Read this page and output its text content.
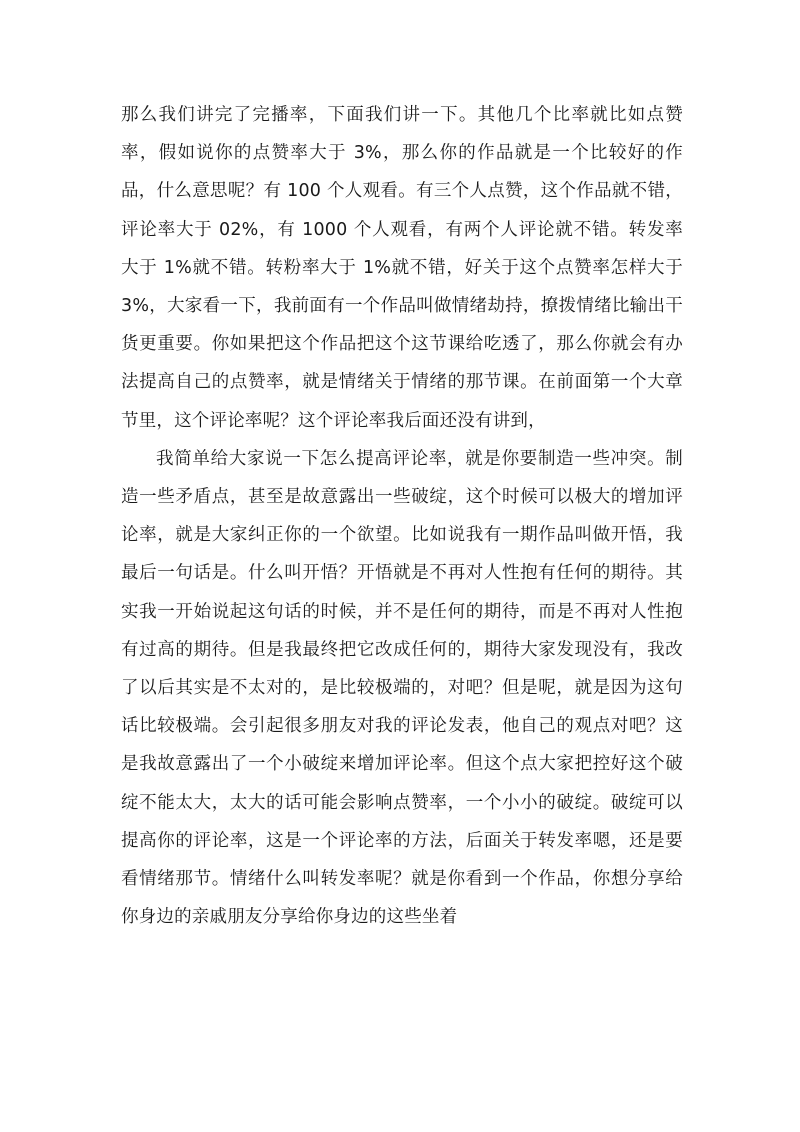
那么我们讲完了完播率，下面我们讲一下。其他几个比率就比如点赞率，假如说你的点赞率大于 3%，那么你的作品就是一个比较好的作品，什么意思呢？有 100 个人观看。有三个人点赞，这个作品就不错，评论率大于 02%，有 1000 个人观看，有两个人评论就不错。转发率大于 1%就不错。转粉率大于 1%就不错，好关于这个点赞率怎样大于 3%，大家看一下，我前面有一个作品叫做情绪劫持，撩拨情绪比输出干货更重要。你如果把这个作品把这个这节课给吃透了，那么你就会有办法提高自己的点赞率，就是情绪关于情绪的那节课。在前面第一个大章节里，这个评论率呢？这个评论率我后面还没有讲到，

我简单给大家说一下怎么提高评论率，就是你要制造一些冲突。制造一些矛盾点，甚至是故意露出一些破绽，这个时候可以极大的增加评论率，就是大家纠正你的一个欲望。比如说我有一期作品叫做开悟，我最后一句话是。什么叫开悟？开悟就是不再对人性抱有任何的期待。其实我一开始说起这句话的时候，并不是任何的期待，而是不再对人性抱有过高的期待。但是我最终把它改成任何的，期待大家发现没有，我改了以后其实是不太对的，是比较极端的，对吧？但是呢，就是因为这句话比较极端。会引起很多朋友对我的评论发表，他自己的观点对吧？这是我故意露出了一个小破绽来增加评论率。但这个点大家把控好这个破绽不能太大，太大的话可能会影响点赞率，一个小小的破绽。破绽可以提高你的评论率，这是一个评论率的方法，后面关于转发率嗯，还是要看情绪那节。情绪什么叫转发率呢？就是你看到一个作品，你想分享给你身边的亲戚朋友分享给你身边的这些坐着
